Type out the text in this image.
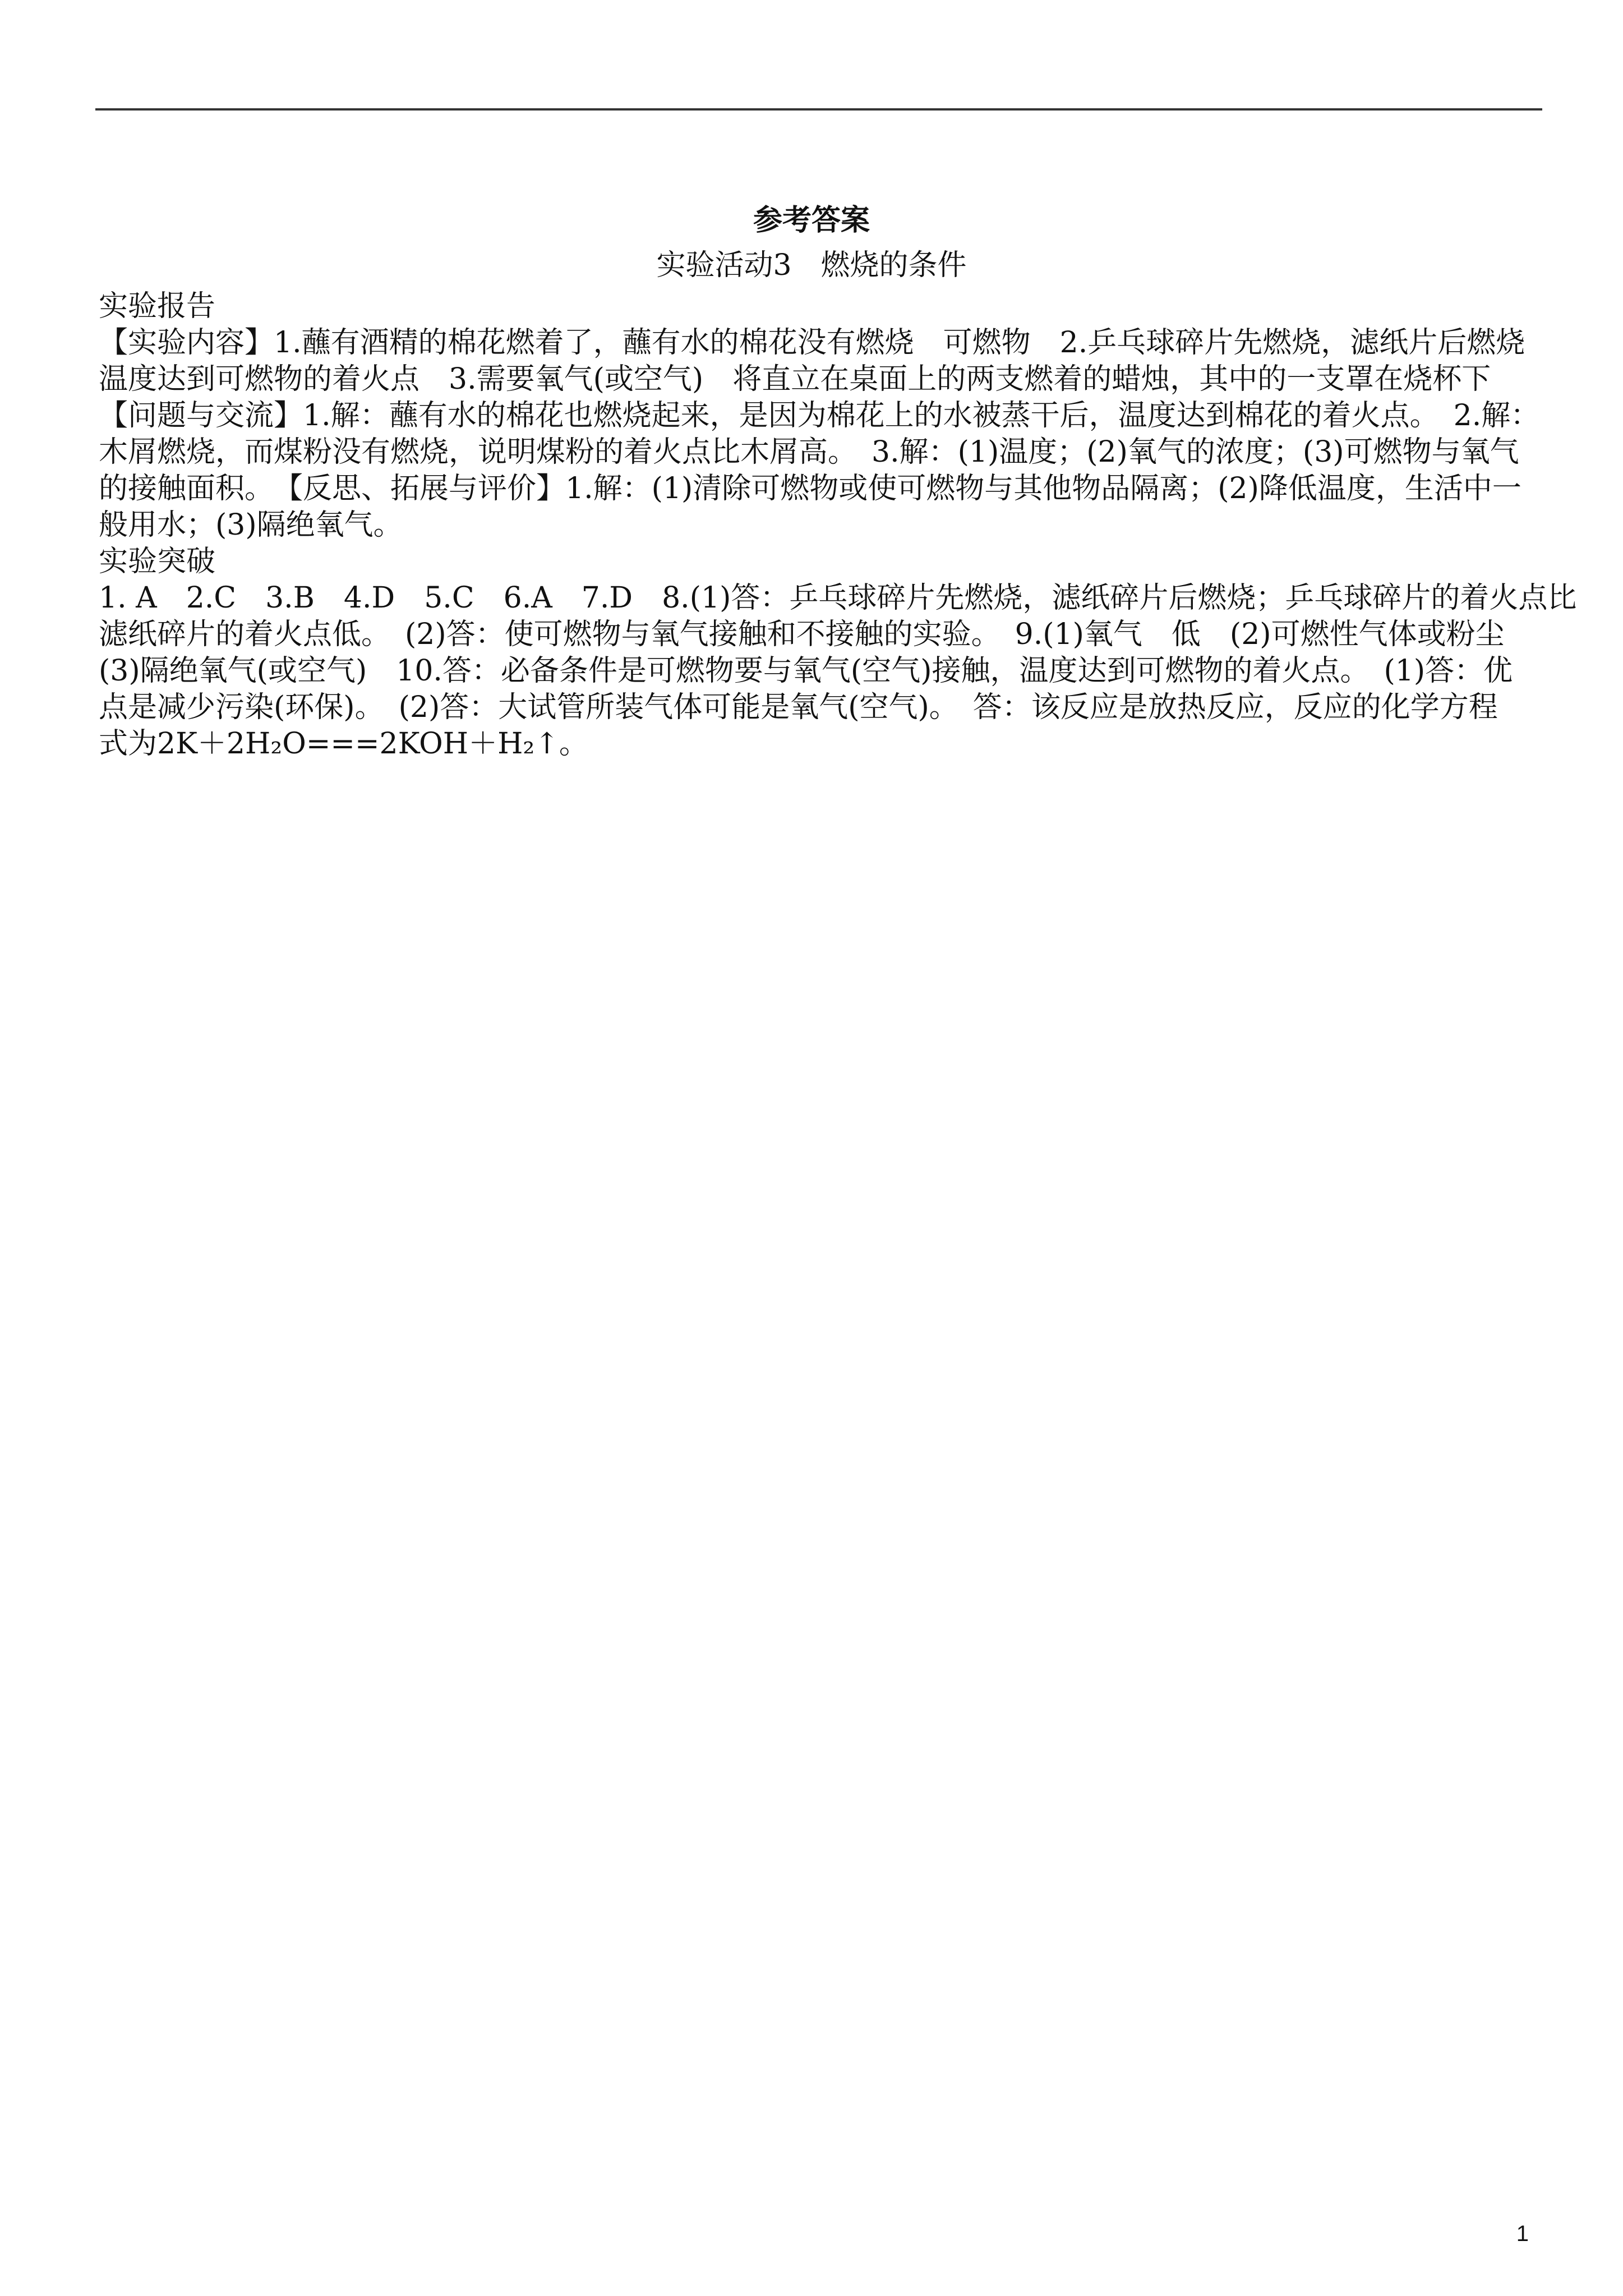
参考答案
实验活动3　燃烧的条件
实验报告
【实验内容】1.蘸有酒精的棉花燃着了，蘸有水的棉花没有燃烧　可燃物　2.乒乓球碎片先燃烧，滤纸片后燃烧
温度达到可燃物的着火点　3.需要氧气(或空气)　将直立在桌面上的两支燃着的蜡烛，其中的一支罩在烧杯下
【问题与交流】1.解：蘸有水的棉花也燃烧起来，是因为棉花上的水被蒸干后，温度达到棉花的着火点。　2.解：
木屑燃烧，而煤粉没有燃烧，说明煤粉的着火点比木屑高。　3.解：(1)温度；(2)氧气的浓度；(3)可燃物与氧气
的接触面积。　【反思、拓展与评价】1.解：(1)清除可燃物或使可燃物与其他物品隔离；(2)降低温度，生活中一
般用水；(3)隔绝氧气。
实验突破
1. A　2.C　3.B　4.D　5.C　6.A　7.D　8.(1)答：乒乓球碎片先燃烧，滤纸碎片后燃烧；乒乓球碎片的着火点比
滤纸碎片的着火点低。　(2)答：使可燃物与氧气接触和不接触的实验。　9.(1)氧气　低　(2)可燃性气体或粉尘
(3)隔绝氧气(或空气)　10.答：必备条件是可燃物要与氧气(空气)接触，温度达到可燃物的着火点。　(1)答：优
点是减少污染(环保)。　(2)答：大试管所装气体可能是氧气(空气)。　答：该反应是放热反应，反应的化学方程
式为2K＋2H₂O===2KOH＋H₂↑。
1
